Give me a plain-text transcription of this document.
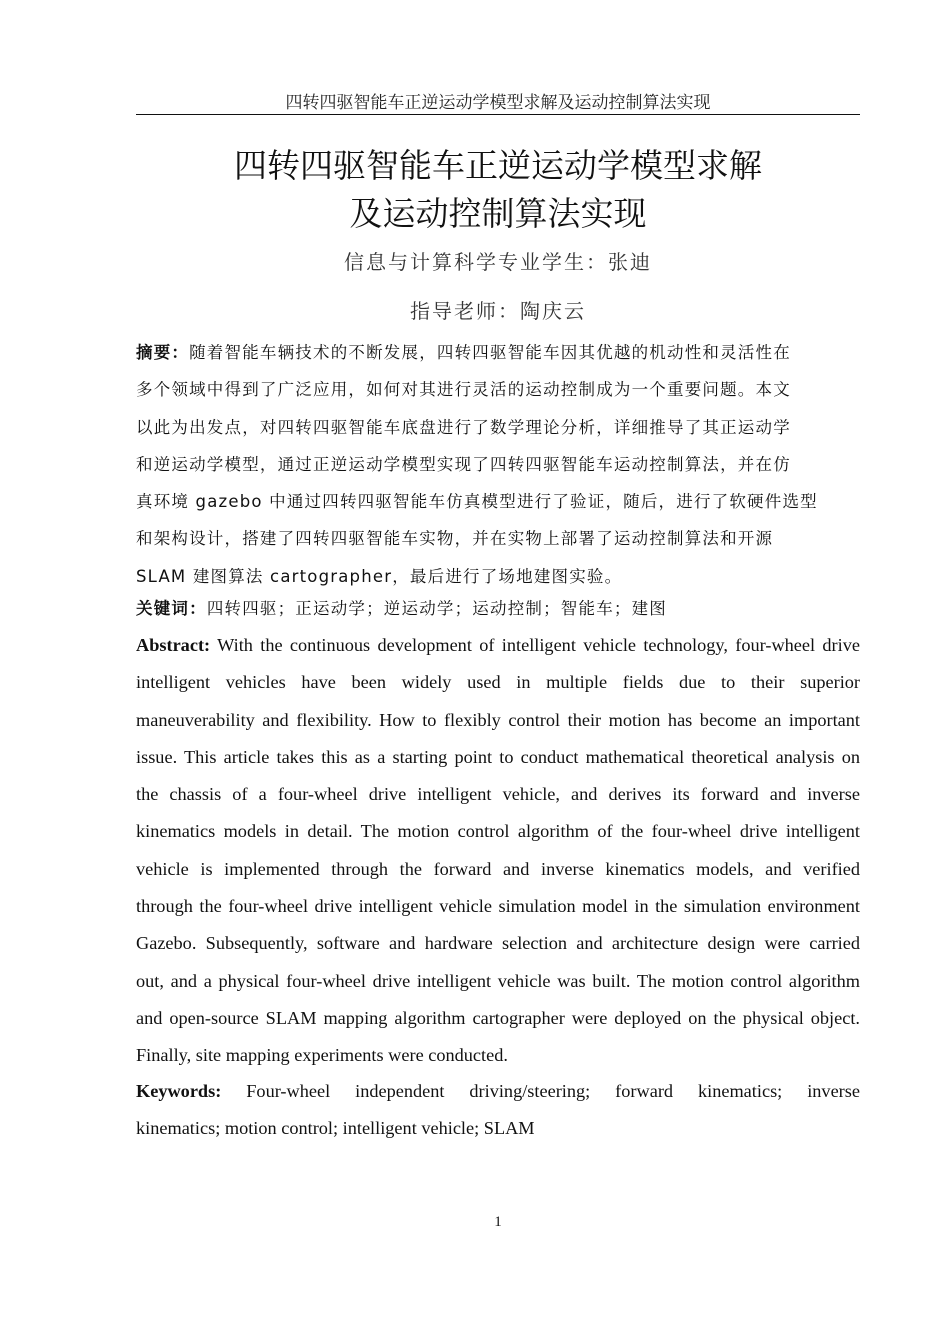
四转四驱智能车正逆运动学模型求解及运动控制算法实现
四转四驱智能车正逆运动学模型求解
及运动控制算法实现
信息与计算科学专业学生：张迪
指导老师：陶庆云
摘要：随着智能车辆技术的不断发展，四转四驱智能车因其优越的机动性和灵活性在
多个领域中得到了广泛应用，如何对其进行灵活的运动控制成为一个重要问题。本文
以此为出发点，对四转四驱智能车底盘进行了数学理论分析，详细推导了其正运动学
和逆运动学模型，通过正逆运动学模型实现了四转四驱智能车运动控制算法，并在仿
真环境 gazebo 中通过四转四驱智能车仿真模型进行了验证，随后，进行了软硬件选型
和架构设计，搭建了四转四驱智能车实物，并在实物上部署了运动控制算法和开源
SLAM 建图算法 cartographer，最后进行了场地建图实验。
关键词：四转四驱；正运动学；逆运动学；运动控制；智能车；建图
Abstract: With the continuous development of intelligent vehicle technology, four-wheel drive
intelligent vehicles have been widely used in multiple fields due to their superior
maneuverability and flexibility. How to flexibly control their motion has become an important
issue. This article takes this as a starting point to conduct mathematical theoretical analysis on
the chassis of a four-wheel drive intelligent vehicle, and derives its forward and inverse
kinematics models in detail. The motion control algorithm of the four-wheel drive intelligent
vehicle is implemented through the forward and inverse kinematics models, and verified
through the four-wheel drive intelligent vehicle simulation model in the simulation environment
Gazebo. Subsequently, software and hardware selection and architecture design were carried
out, and a physical four-wheel drive intelligent vehicle was built. The motion control algorithm
and open-source SLAM mapping algorithm cartographer were deployed on the physical object.
Finally, site mapping experiments were conducted.
Keywords: Four-wheel independent driving/steering; forward kinematics; inverse
kinematics; motion control; intelligent vehicle; SLAM
1
